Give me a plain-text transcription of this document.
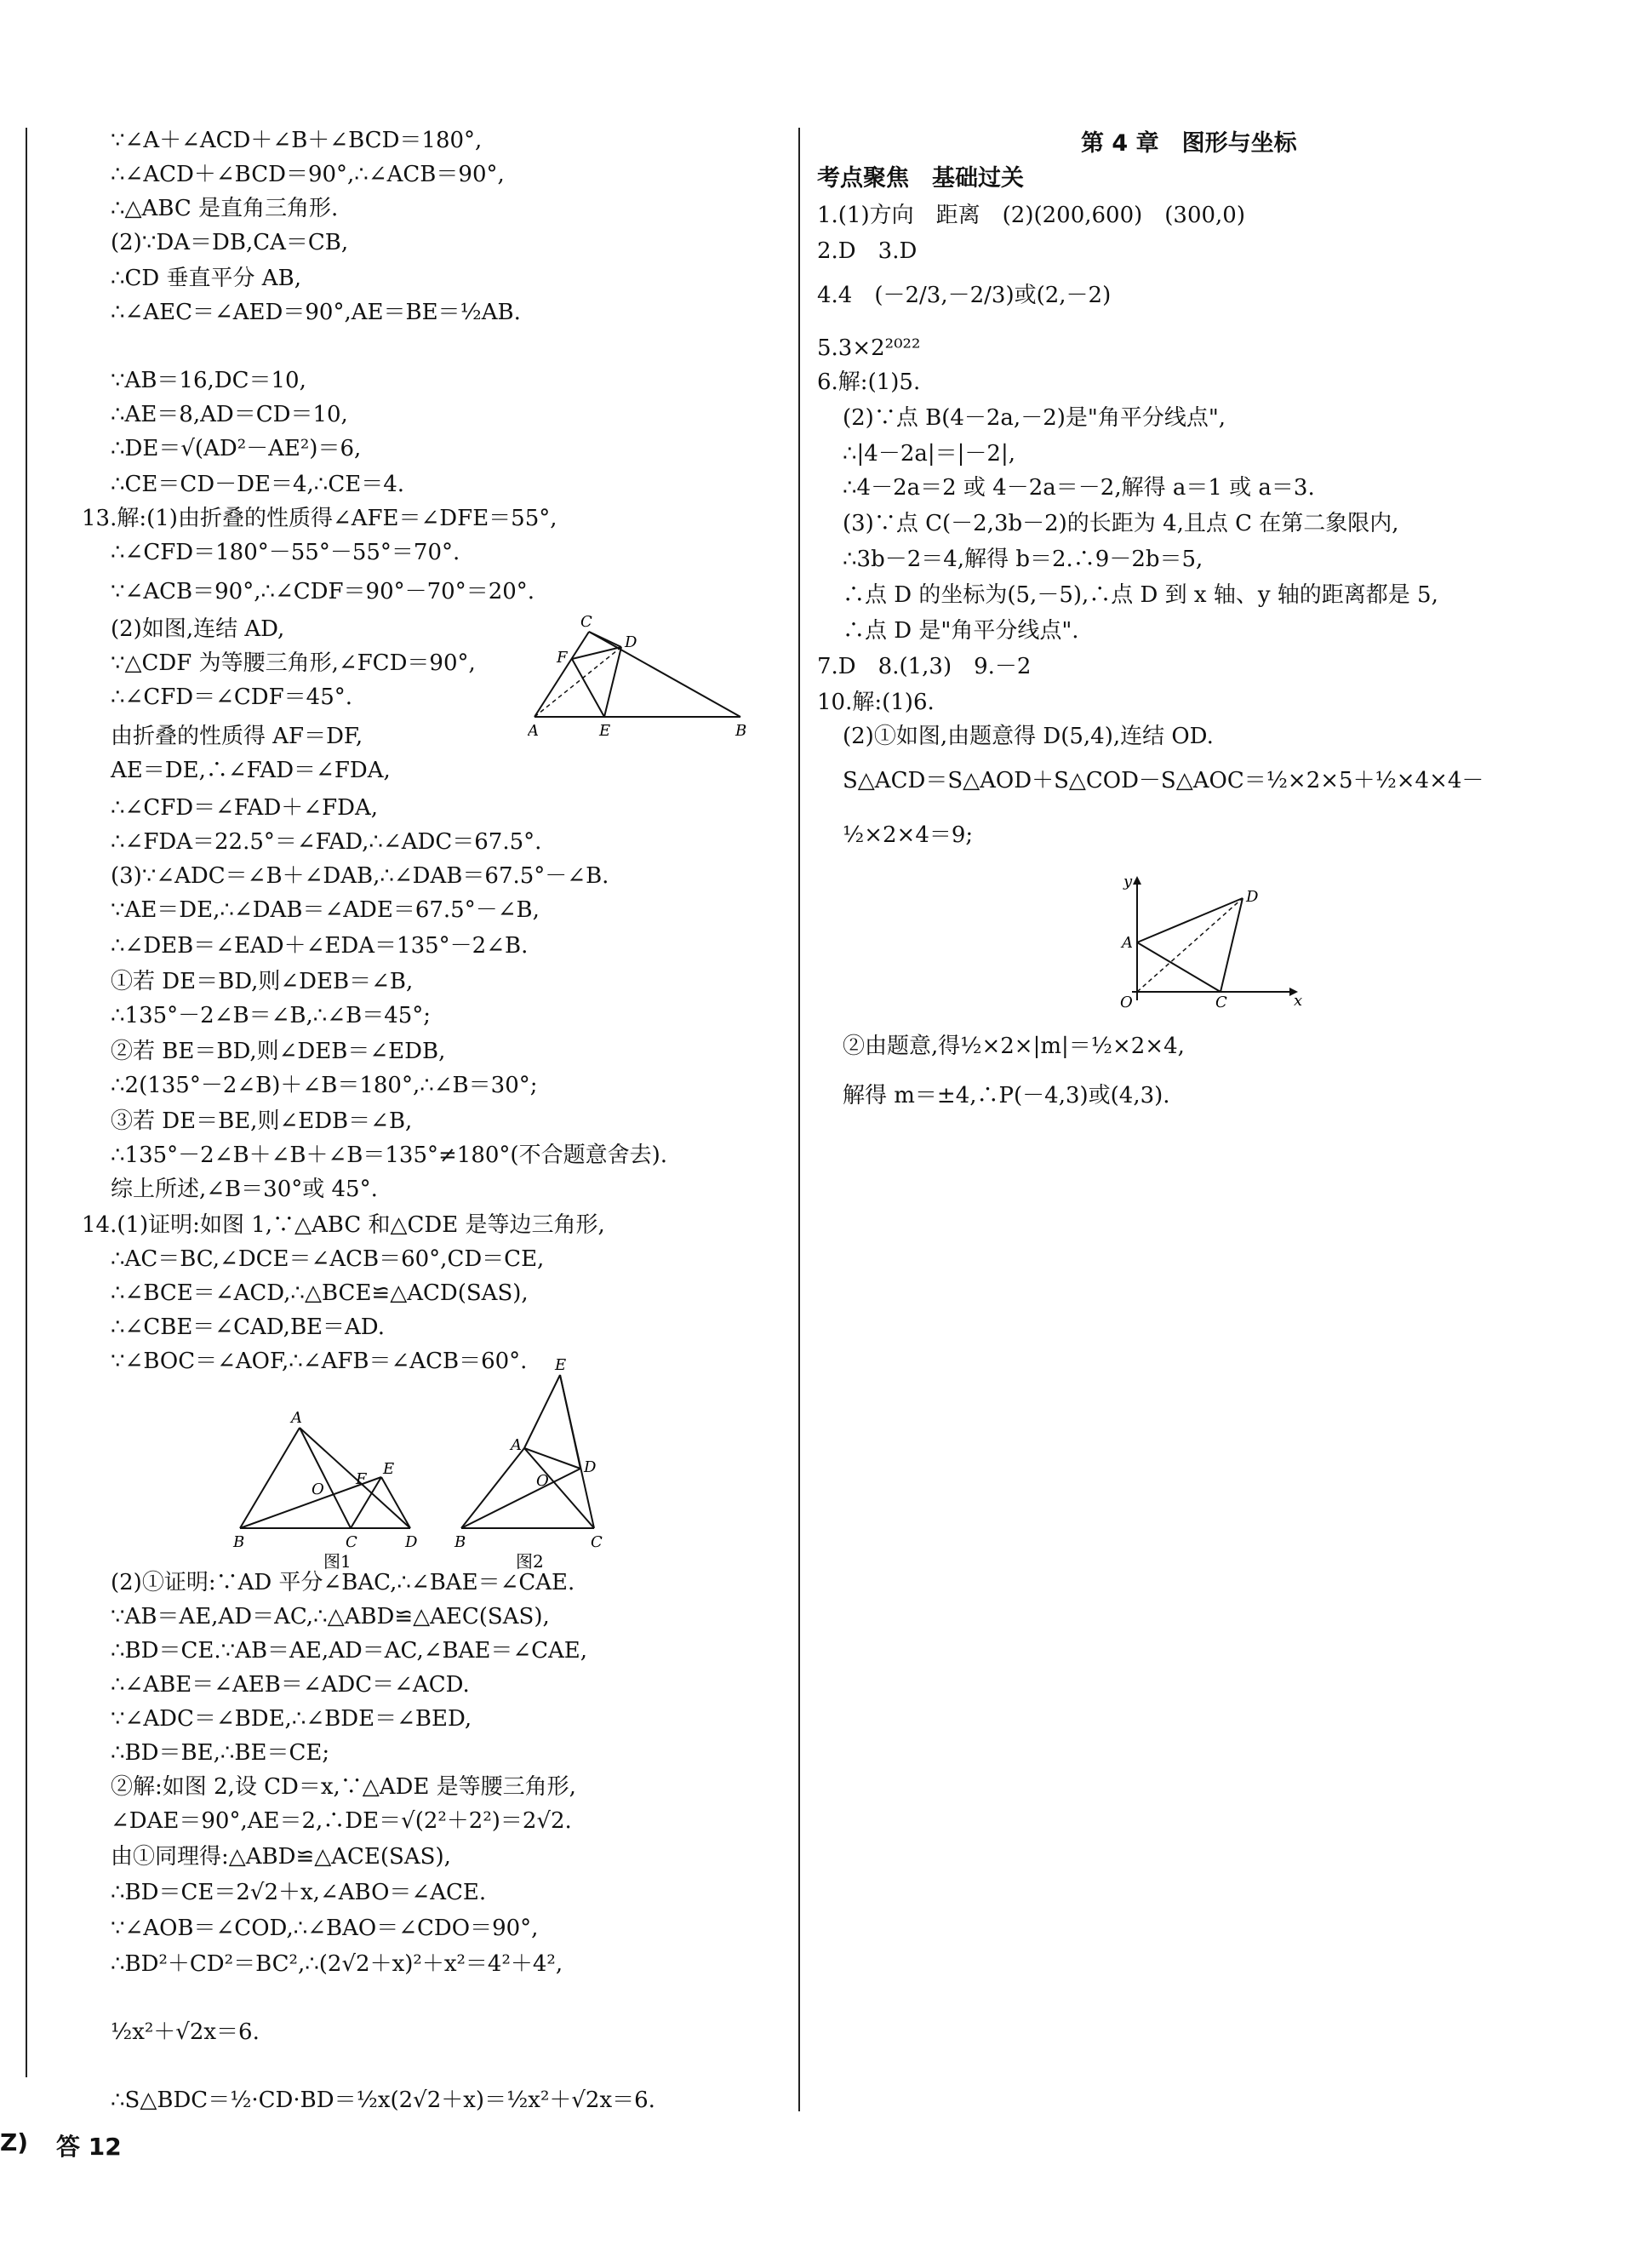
∵∠A＋∠ACD＋∠B＋∠BCD＝180°,
∴∠ACD＋∠BCD＝90°,∴∠ACB＝90°,
∴△ABC 是直角三角形.
(2)∵DA＝DB,CA＝CB,
∴CD 垂直平分 AB,
∴∠AEC＝∠AED＝90°,AE＝BE＝½AB.
∵AB＝16,DC＝10,
∴AE＝8,AD＝CD＝10,
∴DE＝√(AD²－AE²)＝6,
∴CE＝CD－DE＝4,∴CE＝4.
13.解:(1)由折叠的性质得∠AFE＝∠DFE＝55°,
∴∠CFD＝180°－55°－55°＝70°.
∵∠ACB＝90°,∴∠CDF＝90°－70°＝20°.
(2)如图,连结 AD,
∵△CDF 为等腰三角形,∠FCD＝90°,
∴∠CFD＝∠CDF＝45°.
由折叠的性质得 AF＝DF,
AE＝DE,∴∠FAD＝∠FDA,
∴∠CFD＝∠FAD＋∠FDA,
∴∠FDA＝22.5°＝∠FAD,∴∠ADC＝67.5°.
(3)∵∠ADC＝∠B＋∠DAB,∴∠DAB＝67.5°－∠B.
∵AE＝DE,∴∠DAB＝∠ADE＝67.5°－∠B,
∴∠DEB＝∠EAD＋∠EDA＝135°－2∠B.
①若 DE＝BD,则∠DEB＝∠B,
∴135°－2∠B＝∠B,∴∠B＝45°;
②若 BE＝BD,则∠DEB＝∠EDB,
∴2(135°－2∠B)＋∠B＝180°,∴∠B＝30°;
③若 DE＝BE,则∠EDB＝∠B,
∴135°－2∠B＋∠B＋∠B＝135°≠180°(不合题意舍去).
综上所述,∠B＝30°或 45°.
14.(1)证明:如图 1,∵△ABC 和△CDE 是等边三角形,
∴AC＝BC,∠DCE＝∠ACB＝60°,CD＝CE,
∴∠BCE＝∠ACD,∴△BCE≌△ACD(SAS),
∴∠CBE＝∠CAD,BE＝AD.
∵∠BOC＝∠AOF,∴∠AFB＝∠ACB＝60°.
(2)①证明:∵AD 平分∠BAC,∴∠BAE＝∠CAE.
∵AB＝AE,AD＝AC,∴△ABD≌△AEC(SAS),
∴BD＝CE.∵AB＝AE,AD＝AC,∠BAE＝∠CAE,
∴∠ABE＝∠AEB＝∠ADC＝∠ACD.
∵∠ADC＝∠BDE,∴∠BDE＝∠BED,
∴BD＝BE,∴BE＝CE;
②解:如图 2,设 CD＝x,∵△ADE 是等腰三角形,
∠DAE＝90°,AE＝2,∴DE＝√(2²＋2²)＝2√2.
由①同理得:△ABD≌△ACE(SAS),
∴BD＝CE＝2√2＋x,∠ABO＝∠ACE.
∵∠AOB＝∠COD,∴∠BAO＝∠CDO＝90°,
∴BD²＋CD²＝BC²,∴(2√2＋x)²＋x²＝4²＋4²,
½x²＋√2x＝6.
∴S△BDC＝½·CD·BD＝½x(2√2＋x)＝½x²＋√2x＝6.
C
D
F
A	E	B
A
F
E
O
B	C	D
图1
E
A
O
D
B	C
图2
第 4 章　图形与坐标
考点聚焦　基础过关
1.(1)方向　距离　(2)(200,600)　(300,0)
2.D　3.D
4.4　(－2/3,－2/3)或(2,－2)
5.3×2²⁰²²
6.解:(1)5.
(2)∵点 B(4－2a,－2)是"角平分线点",
∴|4－2a|＝|－2|,
∴4－2a＝2 或 4－2a＝－2,解得 a＝1 或 a＝3.
(3)∵点 C(－2,3b－2)的长距为 4,且点 C 在第二象限内,
∴3b－2＝4,解得 b＝2.∴9－2b＝5,
∴点 D 的坐标为(5,－5),∴点 D 到 x 轴、y 轴的距离都是 5,
∴点 D 是"角平分线点".
7.D　8.(1,3)　9.－2
10.解:(1)6.
(2)①如图,由题意得 D(5,4),连结 OD.
S△ACD＝S△AOD＋S△COD－S△AOC＝½×2×5＋½×4×4－
½×2×4＝9;
②由题意,得½×2×|m|＝½×2×4,
解得 m＝±4,∴P(－4,3)或(4,3).
y
x
D
A
O	C
Z) 答 12
